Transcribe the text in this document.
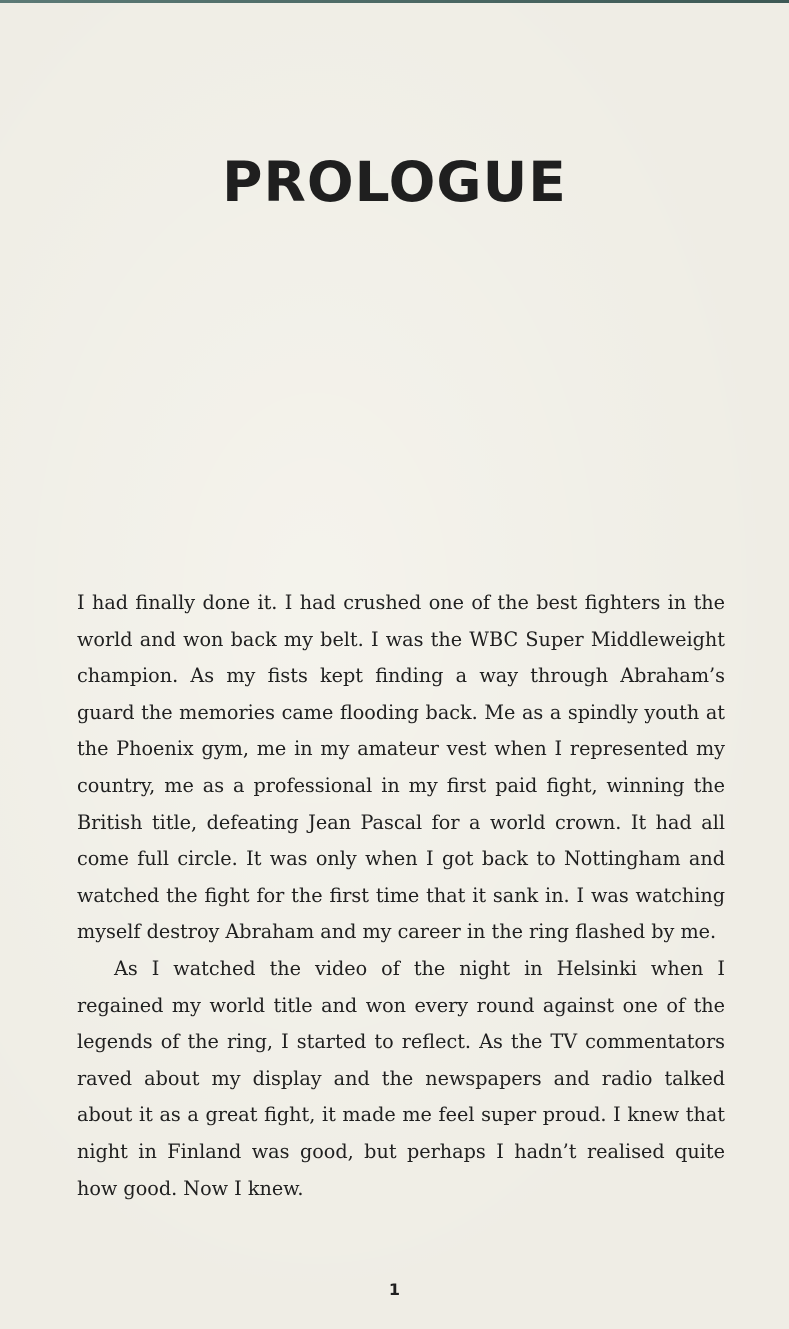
PROLOGUE

I had finally done it. I had crushed one of the best fighters in the world and won back my belt. I was the WBC Super Middleweight champion. As my fists kept finding a way through Abraham’s guard the memories came flooding back. Me as a spindly youth at the Phoenix gym, me in my amateur vest when I represented my country, me as a professional in my first paid fight, winning the British title, defeating Jean Pascal for a world crown. It had all come full circle. It was only when I got back to Nottingham and watched the fight for the first time that it sank in. I was watching myself destroy Abraham and my career in the ring flashed by me.

As I watched the video of the night in Helsinki when I regained my world title and won every round against one of the legends of the ring, I started to reflect. As the TV commentators raved about my display and the newspapers and radio talked about it as a great fight, it made me feel super proud. I knew that night in Finland was good, but perhaps I hadn’t realised quite how good. Now I knew.

1
